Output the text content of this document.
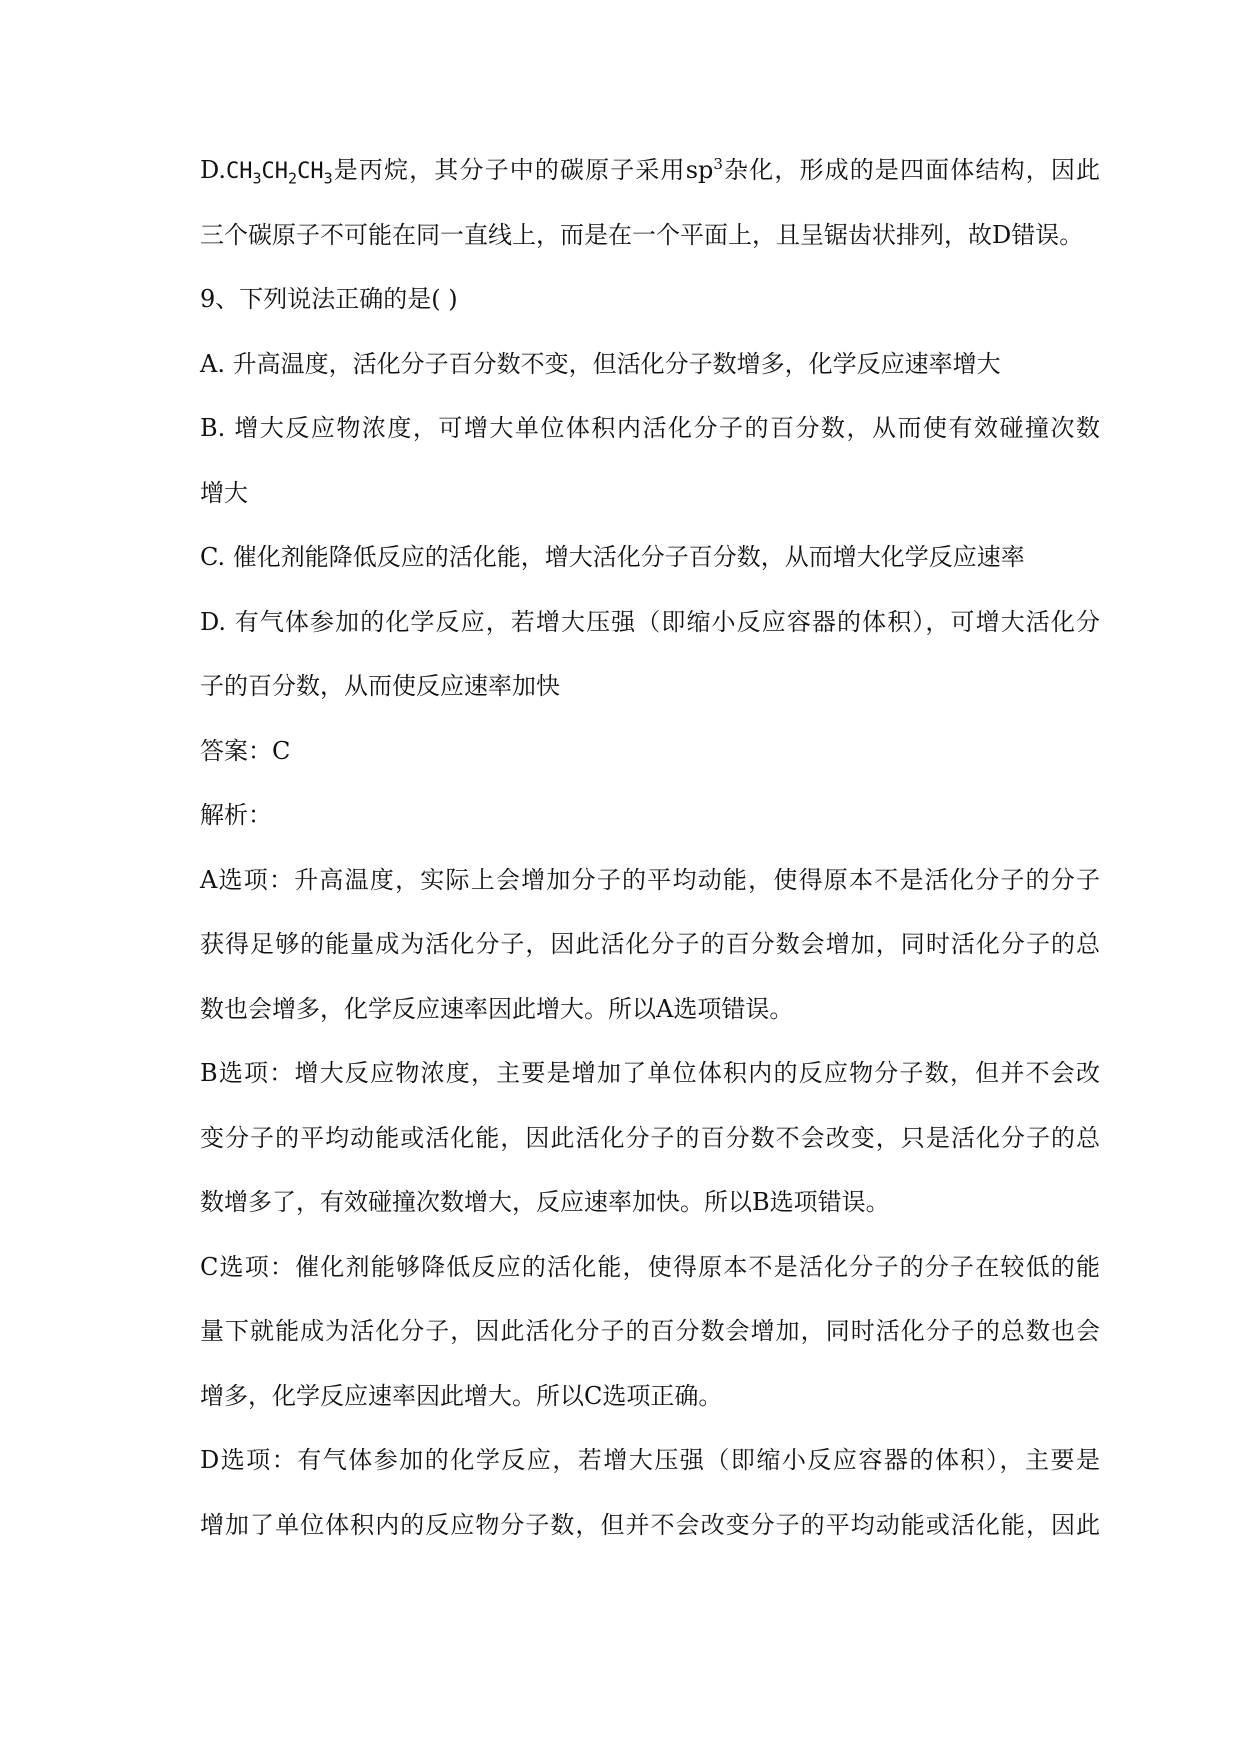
$D.CH_3CH_2CH_3$是丙烷，其分子中的碳原子采用$sp^3$杂化，形成的是四面体结构，因此

三个碳原子不可能在同一直线上，而是在一个平面上，且呈锯齿状排列，故D错误。

9、下列说法正确的是( )

A. 升高温度，活化分子百分数不变，但活化分子数增多，化学反应速率增大

B. 增大反应物浓度，可增大单位体积内活化分子的百分数，从而使有效碰撞次数

增大

C. 催化剂能降低反应的活化能，增大活化分子百分数，从而增大化学反应速率

D. 有气体参加的化学反应，若增大压强（即缩小反应容器的体积），可增大活化分

子的百分数，从而使反应速率加快

答案：C

解析：

A选项：升高温度，实际上会增加分子的平均动能，使得原本不是活化分子的分子

获得足够的能量成为活化分子，因此活化分子的百分数会增加，同时活化分子的总

数也会增多，化学反应速率因此增大。所以A选项错误。

B选项：增大反应物浓度，主要是增加了单位体积内的反应物分子数，但并不会改

变分子的平均动能或活化能，因此活化分子的百分数不会改变，只是活化分子的总

数增多了，有效碰撞次数增大，反应速率加快。所以B选项错误。

C选项：催化剂能够降低反应的活化能，使得原本不是活化分子的分子在较低的能

量下就能成为活化分子，因此活化分子的百分数会增加，同时活化分子的总数也会

增多，化学反应速率因此增大。所以C选项正确。

D选项：有气体参加的化学反应，若增大压强（即缩小反应容器的体积），主要是

增加了单位体积内的反应物分子数，但并不会改变分子的平均动能或活化能，因此
